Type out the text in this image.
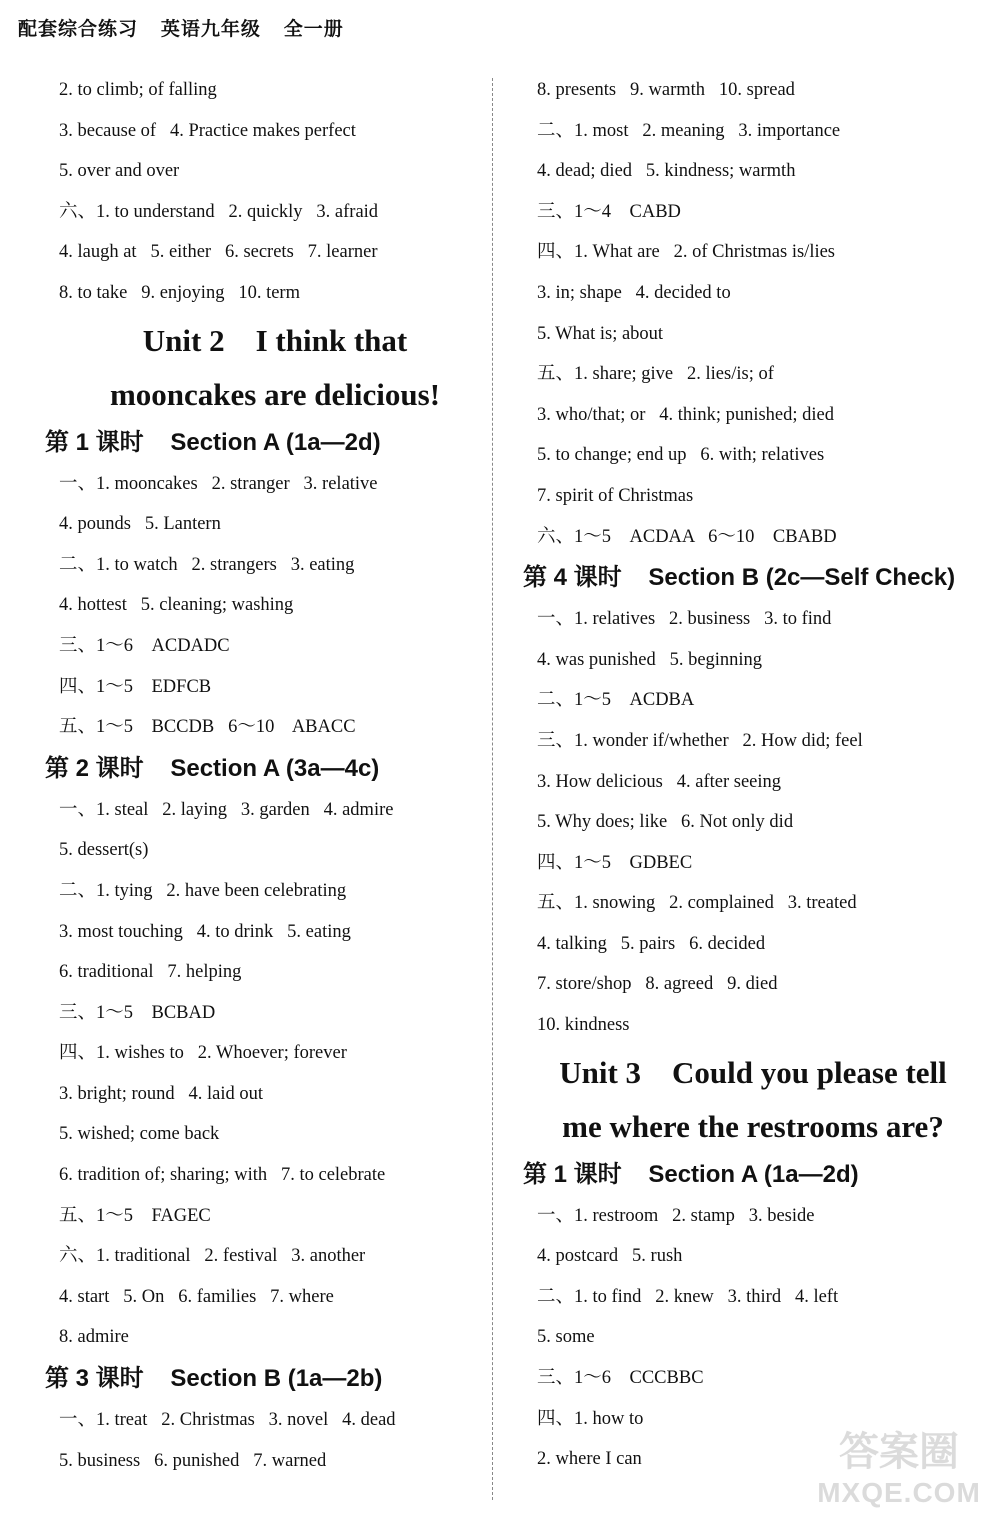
配套综合练习   英语九年级   全一册
2. to climb; of falling
3. because of   4. Practice makes perfect
5. over and over
六、1. to understand   2. quickly   3. afraid
4. laugh at   5. either   6. secrets   7. learner
8. to take   9. enjoying   10. term
Unit 2    I think that
mooncakes are delicious!
第 1 课时    Section A (1a—2d)
一、1. mooncakes   2. stranger   3. relative
4. pounds   5. Lantern
二、1. to watch   2. strangers   3. eating
4. hottest   5. cleaning; washing
三、1～6    ACDADC
四、1～5    EDFCB
五、1～5    BCCDB   6～10    ABACC
第 2 课时    Section A (3a—4c)
一、1. steal   2. laying   3. garden   4. admire
5. dessert(s)
二、1. tying   2. have been celebrating
3. most touching   4. to drink   5. eating
6. traditional   7. helping
三、1～5    BCBAD
四、1. wishes to   2. Whoever; forever
3. bright; round   4. laid out
5. wished; come back
6. tradition of; sharing; with   7. to celebrate
五、1～5    FAGEC
六、1. traditional   2. festival   3. another
4. start   5. On   6. families   7. where
8. admire
第 3 课时    Section B (1a—2b)
一、1. treat   2. Christmas   3. novel   4. dead
5. business   6. punished   7. warned
8. presents   9. warmth   10. spread
二、1. most   2. meaning   3. importance
4. dead; died   5. kindness; warmth
三、1～4    CABD
四、1. What are   2. of Christmas is/lies
3. in; shape   4. decided to
5. What is; about
五、1. share; give   2. lies/is; of
3. who/that; or   4. think; punished; died
5. to change; end up   6. with; relatives
7. spirit of Christmas
六、1～5    ACDAA   6～10    CBABD
第 4 课时    Section B (2c—Self Check)
一、1. relatives   2. business   3. to find
4. was punished   5. beginning
二、1～5    ACDBA
三、1. wonder if/whether   2. How did; feel
3. How delicious   4. after seeing
5. Why does; like   6. Not only did
四、1～5    GDBEC
五、1. snowing   2. complained   3. treated
4. talking   5. pairs   6. decided
7. store/shop   8. agreed   9. died
10. kindness
Unit 3    Could you please tell
me where the restrooms are?
第 1 课时    Section A (1a—2d)
一、1. restroom   2. stamp   3. beside
4. postcard   5. rush
二、1. to find   2. knew   3. third   4. left
5. some
三、1～6    CCCBBC
四、1. how to
2. where I can	答案圈
MXQE.COM
